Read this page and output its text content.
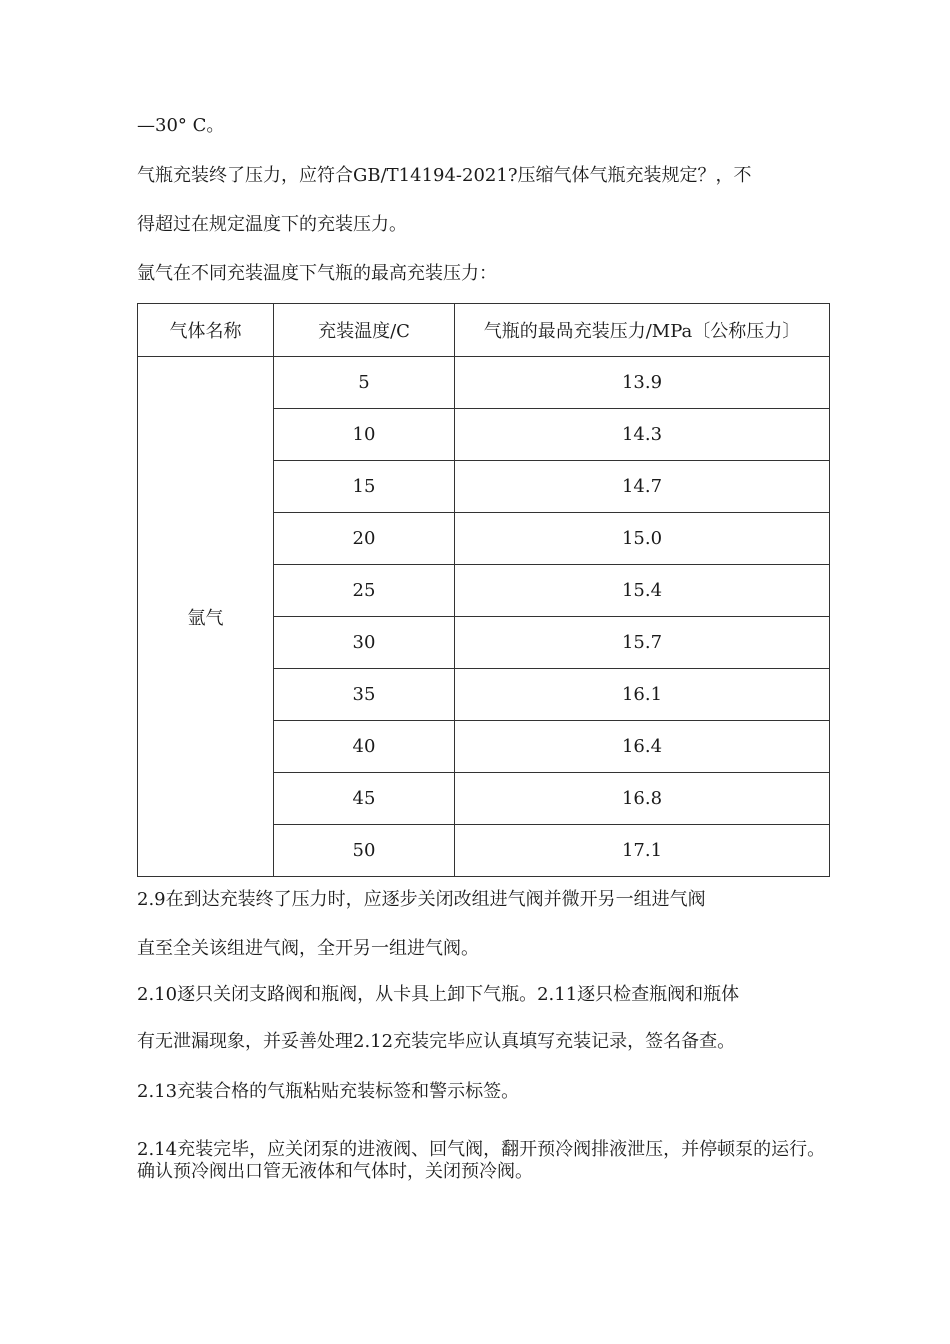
—30° C。
气瓶充装终了压力，应符合GB/T14194-2021?压缩气体气瓶充装规定？，不
得超过在规定温度下的充装压力。
氩气在不同充装温度下气瓶的最高充装压力：
气体名称	充装温度/C	气瓶的最咼充装压力/MPa〔公称压力〕
氩气	5	13.9
	10	14.3
	15	14.7
	20	15.0
	25	15.4
	30	15.7
	35	16.1
	40	16.4
	45	16.8
	50	17.1
2.9在到达充装终了压力时，应逐步关闭改组进气阀并微开另一组进气阀
直至全关该组进气阀，全开另一组进气阀。
2.10逐只关闭支路阀和瓶阀，从卡具上卸下气瓶。2.11逐只检查瓶阀和瓶体
有无泄漏现象，并妥善处理2.12充装完毕应认真填写充装记录，签名备查。
2.13充装合格的气瓶粘贴充装标签和警示标签。
2.14充装完毕，应关闭泵的进液阀、回气阀，翻开预冷阀排液泄压，并停顿泵的运行。确认预冷阀出口管无液体和气体时，关闭预冷阀。
